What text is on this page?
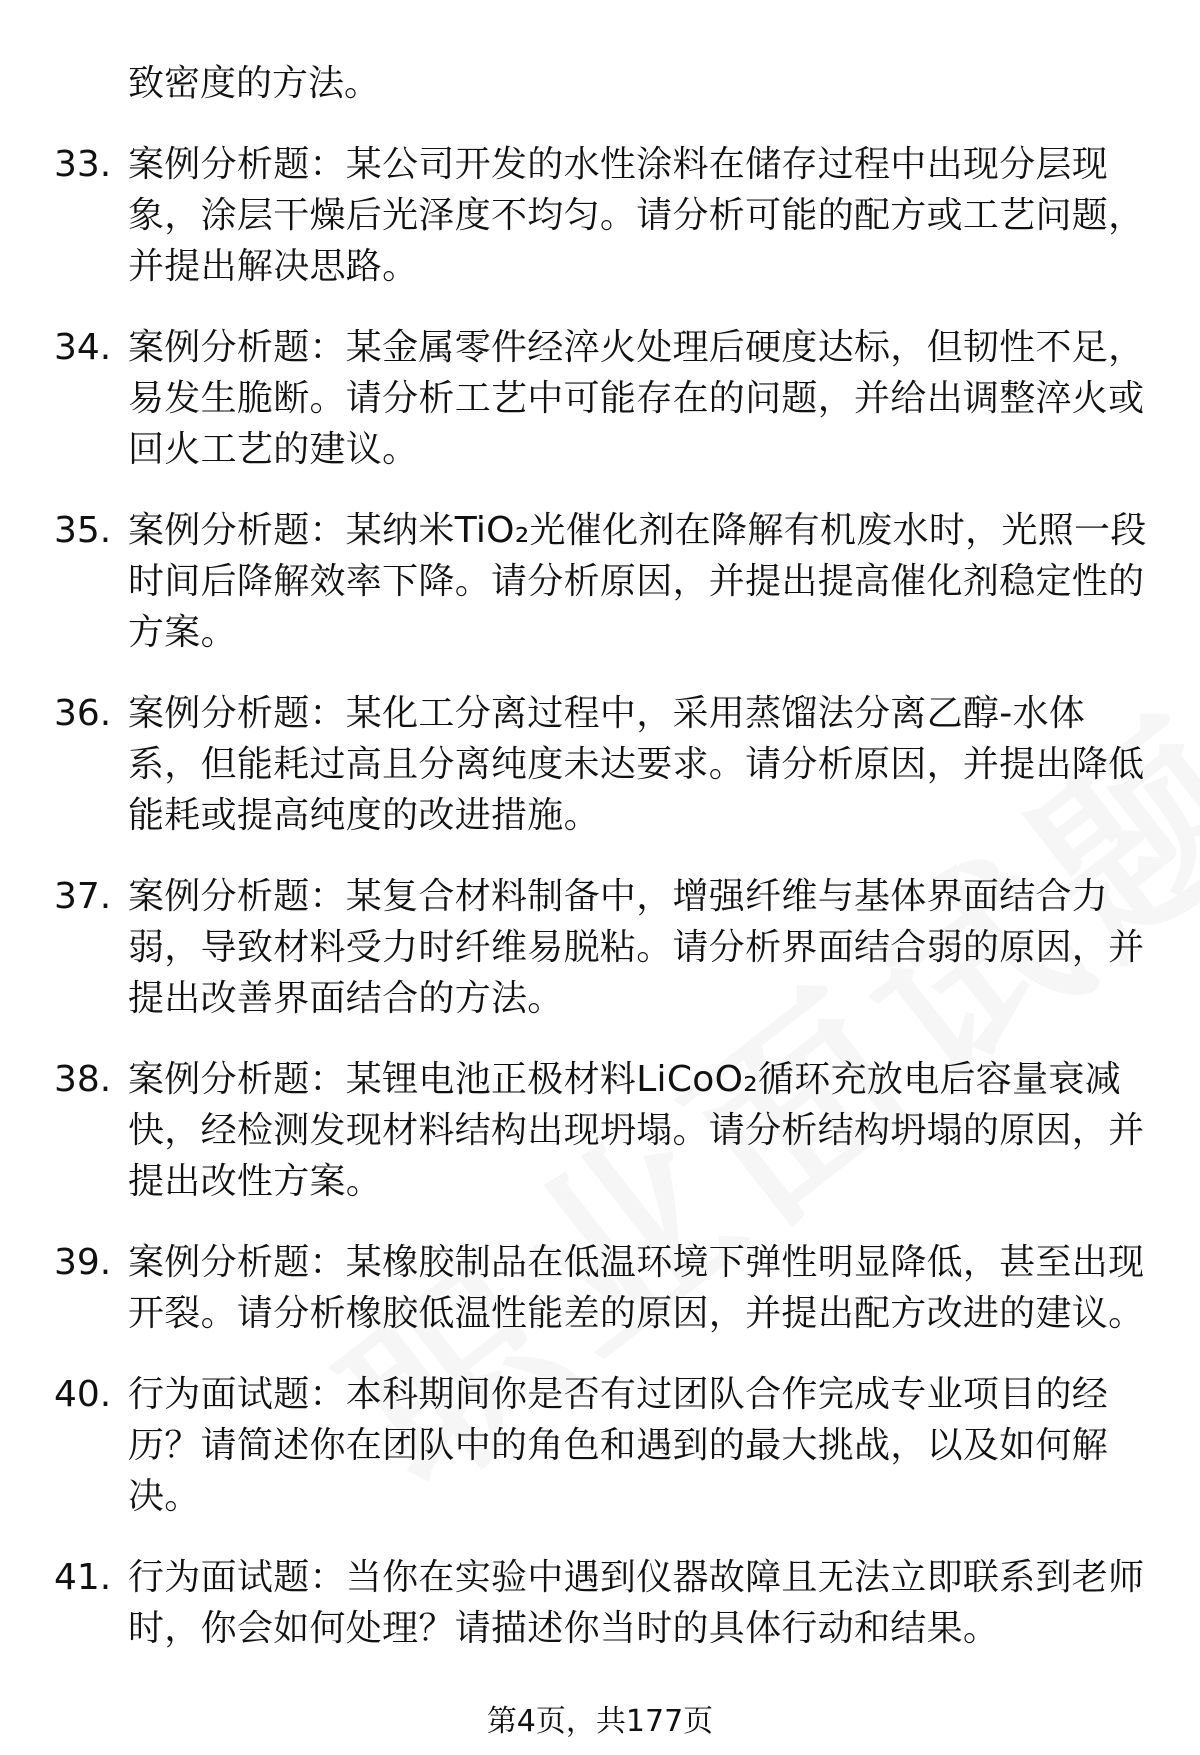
致密度的方法。
33. 案例分析题：某公司开发的水性涂料在储存过程中出现分层现象，涂层干燥后光泽度不均匀。请分析可能的配方或工艺问题，并提出解决思路。
34. 案例分析题：某金属零件经淬火处理后硬度达标，但韧性不足，易发生脆断。请分析工艺中可能存在的问题，并给出调整淬火或回火工艺的建议。
35. 案例分析题：某纳米TiO₂光催化剂在降解有机废水时，光照一段时间后降解效率下降。请分析原因，并提出提高催化剂稳定性的方案。
36. 案例分析题：某化工分离过程中，采用蒸馏法分离乙醇-水体系，但能耗过高且分离纯度未达要求。请分析原因，并提出降低能耗或提高纯度的改进措施。
37. 案例分析题：某复合材料制备中，增强纤维与基体界面结合力弱，导致材料受力时纤维易脱粘。请分析界面结合弱的原因，并提出改善界面结合的方法。
38. 案例分析题：某锂电池正极材料LiCoO₂循环充放电后容量衰减快，经检测发现材料结构出现坍塌。请分析结构坍塌的原因，并提出改性方案。
39. 案例分析题：某橡胶制品在低温环境下弹性明显降低，甚至出现开裂。请分析橡胶低温性能差的原因，并提出配方改进的建议。
40. 行为面试题：本科期间你是否有过团队合作完成专业项目的经历？请简述你在团队中的角色和遇到的最大挑战，以及如何解决。
41. 行为面试题：当你在实验中遇到仪器故障且无法立即联系到老师时，你会如何处理？请描述你当时的具体行动和结果。
第4页，共177页
